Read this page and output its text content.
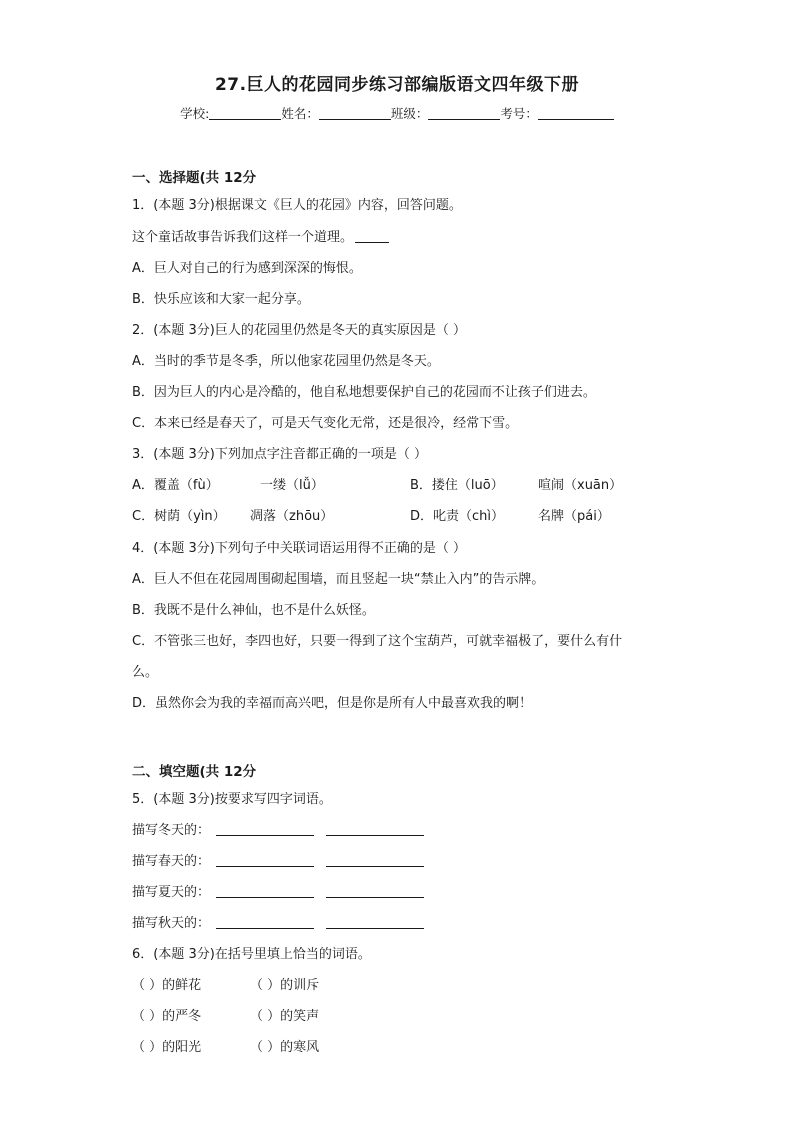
27.巨人的花园同步练习部编版语文四年级下册
学校:	姓名：	班级：	考号：
一、选择题(共 12分
1．(本题 3分)根据课文《巨人的花园》内容，回答问题。
这个童话故事告诉我们这样一个道理。
A．巨人对自己的行为感到深深的悔恨。
B．快乐应该和大家一起分享。
2．(本题 3分)巨人的花园里仍然是冬天的真实原因是（ ）
A．当时的季节是冬季，所以他家花园里仍然是冬天。
B．因为巨人的内心是冷酷的，他自私地想要保护自己的花园而不让孩子们进去。
C．本来已经是春天了，可是天气变化无常，还是很冷，经常下雪。
3．(本题 3分)下列加点字注音都正确的一项是（ ）
A．覆盖（fù）	一缕（lǚ）	B．搂住（luō）	喧闹（xuān）
C．树荫（yìn） 凋落（zhōu）	D．叱责（chì）	名牌（pái）
4．(本题 3分)下列句子中关联词语运用得不正确的是（ ）
A．巨人不但在花园周围砌起围墙，而且竖起一块“禁止入内”的告示牌。
B．我既不是什么神仙，也不是什么妖怪。
C．不管张三也好，李四也好，只要一得到了这个宝葫芦，可就幸福极了，要什么有什
么。
D．虽然你会为我的幸福而高兴吧，但是你是所有人中最喜欢我的啊！
二、填空题(共 12分
5．(本题 3分)按要求写四字词语。
描写冬天的：
描写春天的：
描写夏天的：
描写秋天的：
6．(本题 3分)在括号里填上恰当的词语。
（ ）的鲜花	（ ）的训斥
（ ）的严冬	（ ）的笑声
（ ）的阳光	（ ）的寒风
